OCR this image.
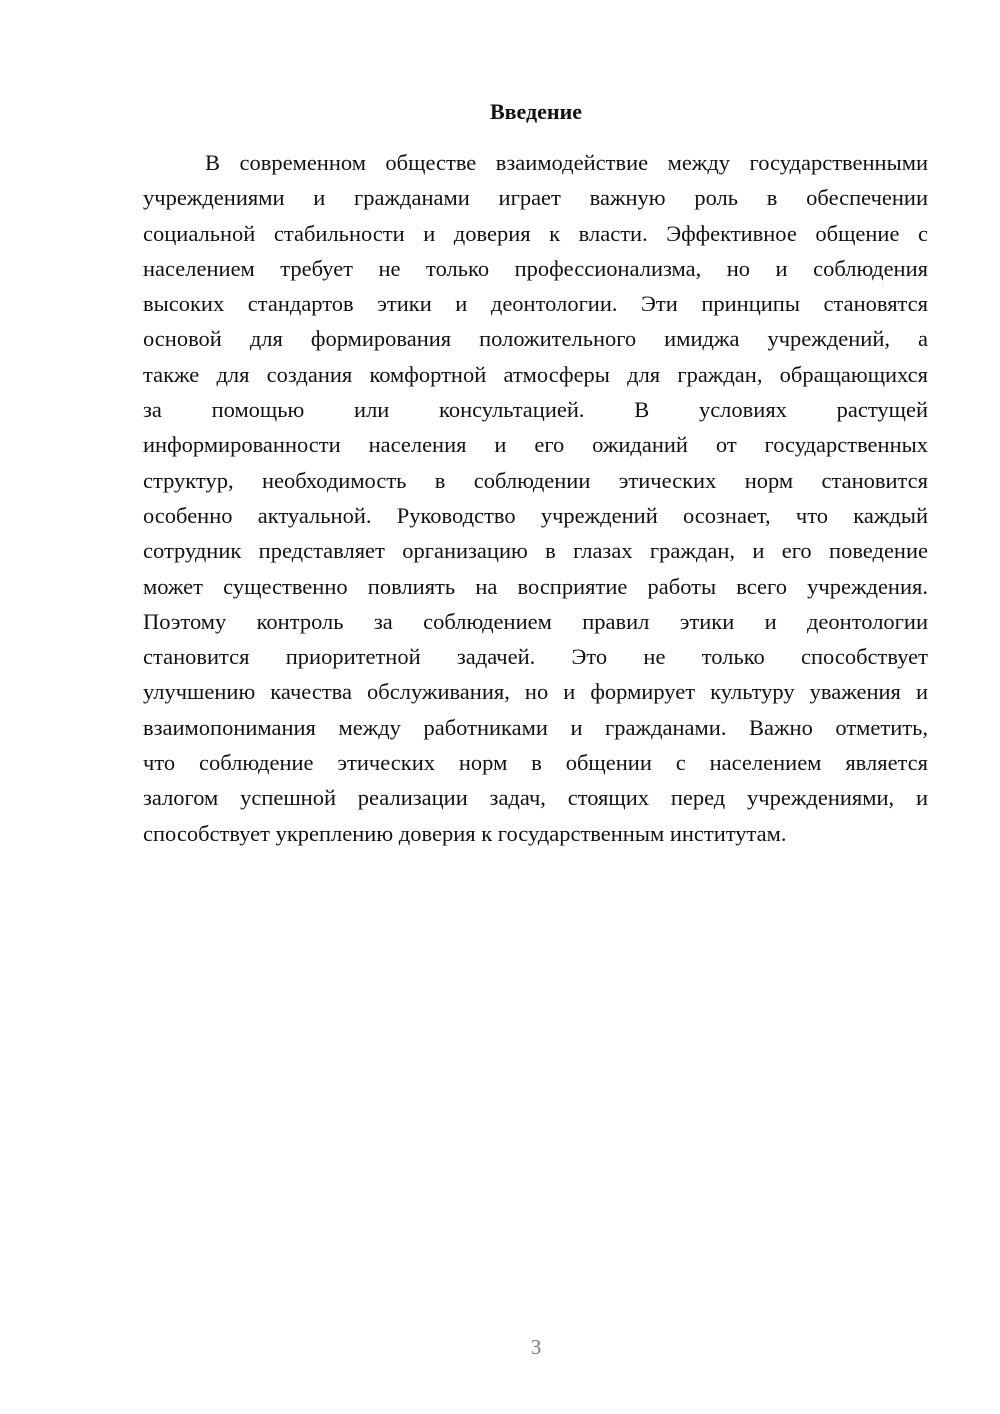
Введение
В современном обществе взаимодействие между государственными
учреждениями и гражданами играет важную роль в обеспечении
социальной стабильности и доверия к власти. Эффективное общение с
населением требует не только профессионализма, но и соблюдения
высоких стандартов этики и деонтологии. Эти принципы становятся
основой для формирования положительного имиджа учреждений, а
также для создания комфортной атмосферы для граждан, обращающихся
за помощью или консультацией. В условиях растущей
информированности населения и его ожиданий от государственных
структур, необходимость в соблюдении этических норм становится
особенно актуальной. Руководство учреждений осознает, что каждый
сотрудник представляет организацию в глазах граждан, и его поведение
может существенно повлиять на восприятие работы всего учреждения.
Поэтому контроль за соблюдением правил этики и деонтологии
становится приоритетной задачей. Это не только способствует
улучшению качества обслуживания, но и формирует культуру уважения и
взаимопонимания между работниками и гражданами. Важно отметить,
что соблюдение этических норм в общении с населением является
залогом успешной реализации задач, стоящих перед учреждениями, и
способствует укреплению доверия к государственным институтам.
3
